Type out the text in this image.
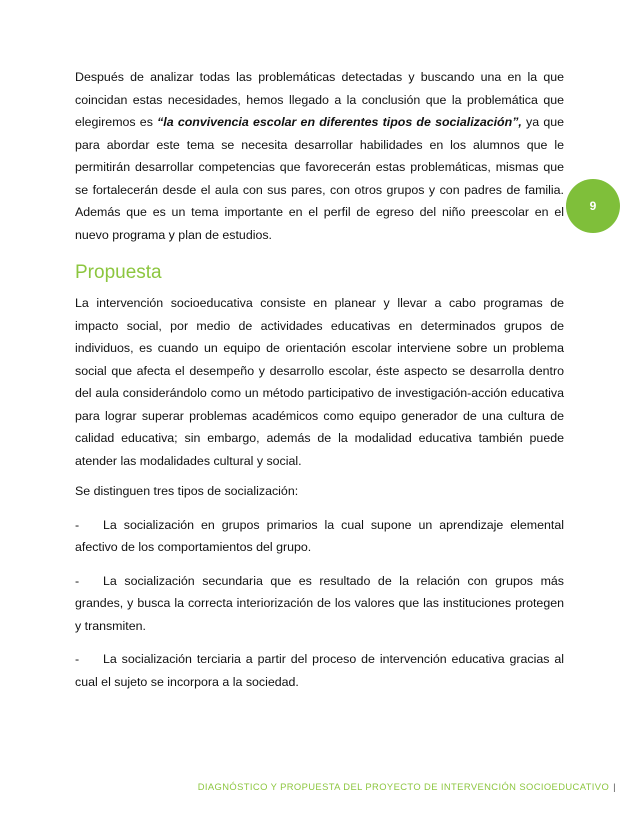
Después de analizar todas las problemáticas detectadas y buscando una en la que coincidan estas necesidades, hemos llegado a la conclusión que la problemática que elegiremos es “la convivencia escolar en diferentes tipos de socialización”, ya que para abordar este tema se necesita desarrollar habilidades en los alumnos que le permitirán desarrollar competencias que favorecerán estas problemáticas, mismas que se fortalecerán desde el aula con sus pares, con otros grupos y con padres de familia. Además que es un tema importante en el perfil de egreso del niño preescolar en el nuevo programa y plan de estudios.

Propuesta

La intervención socioeducativa consiste en planear y llevar a cabo programas de impacto social, por medio de actividades educativas en determinados grupos de individuos, es cuando un equipo de orientación escolar interviene sobre un problema social que afecta el desempeño y desarrollo escolar, éste aspecto se desarrolla dentro del aula considerándolo como un método participativo de investigación-acción educativa para lograr superar problemas académicos como equipo generador de una cultura de calidad educativa; sin embargo, además de la modalidad educativa también puede atender las modalidades cultural y social.

Se distinguen tres tipos de socialización:

- La socialización en grupos primarios la cual supone un aprendizaje elemental afectivo de los comportamientos del grupo.

- La socialización secundaria que es resultado de la relación con grupos más grandes, y busca la correcta interiorización de los valores que las instituciones protegen y transmiten.

- La socialización terciaria a partir del proceso de intervención educativa gracias al cual el sujeto se incorpora a la sociedad.

9
DIAGNÓSTICO Y PROPUESTA DEL PROYECTO DE INTERVENCIÓN SOCIOEDUCATIVO |
